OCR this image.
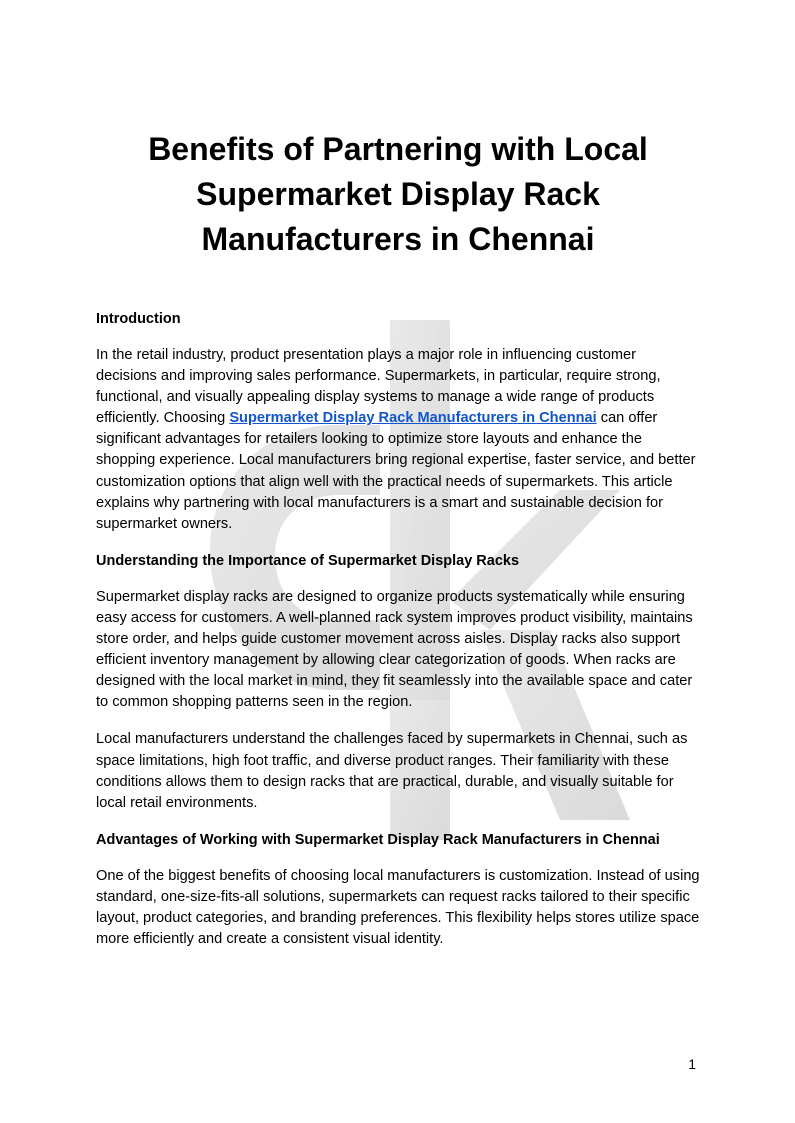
Benefits of Partnering with Local Supermarket Display Rack Manufacturers in Chennai
Introduction

In the retail industry, product presentation plays a major role in influencing customer decisions and improving sales performance. Supermarkets, in particular, require strong, functional, and visually appealing display systems to manage a wide range of products efficiently. Choosing Supermarket Display Rack Manufacturers in Chennai can offer significant advantages for retailers looking to optimize store layouts and enhance the shopping experience. Local manufacturers bring regional expertise, faster service, and better customization options that align well with the practical needs of supermarkets. This article explains why partnering with local manufacturers is a smart and sustainable decision for supermarket owners.

Understanding the Importance of Supermarket Display Racks

Supermarket display racks are designed to organize products systematically while ensuring easy access for customers. A well-planned rack system improves product visibility, maintains store order, and helps guide customer movement across aisles. Display racks also support efficient inventory management by allowing clear categorization of goods. When racks are designed with the local market in mind, they fit seamlessly into the available space and cater to common shopping patterns seen in the region.

Local manufacturers understand the challenges faced by supermarkets in Chennai, such as space limitations, high foot traffic, and diverse product ranges. Their familiarity with these conditions allows them to design racks that are practical, durable, and visually suitable for local retail environments.

Advantages of Working with Supermarket Display Rack Manufacturers in Chennai

One of the biggest benefits of choosing local manufacturers is customization. Instead of using standard, one-size-fits-all solutions, supermarkets can request racks tailored to their specific layout, product categories, and branding preferences. This flexibility helps stores utilize space more efficiently and create a consistent visual identity.

1
